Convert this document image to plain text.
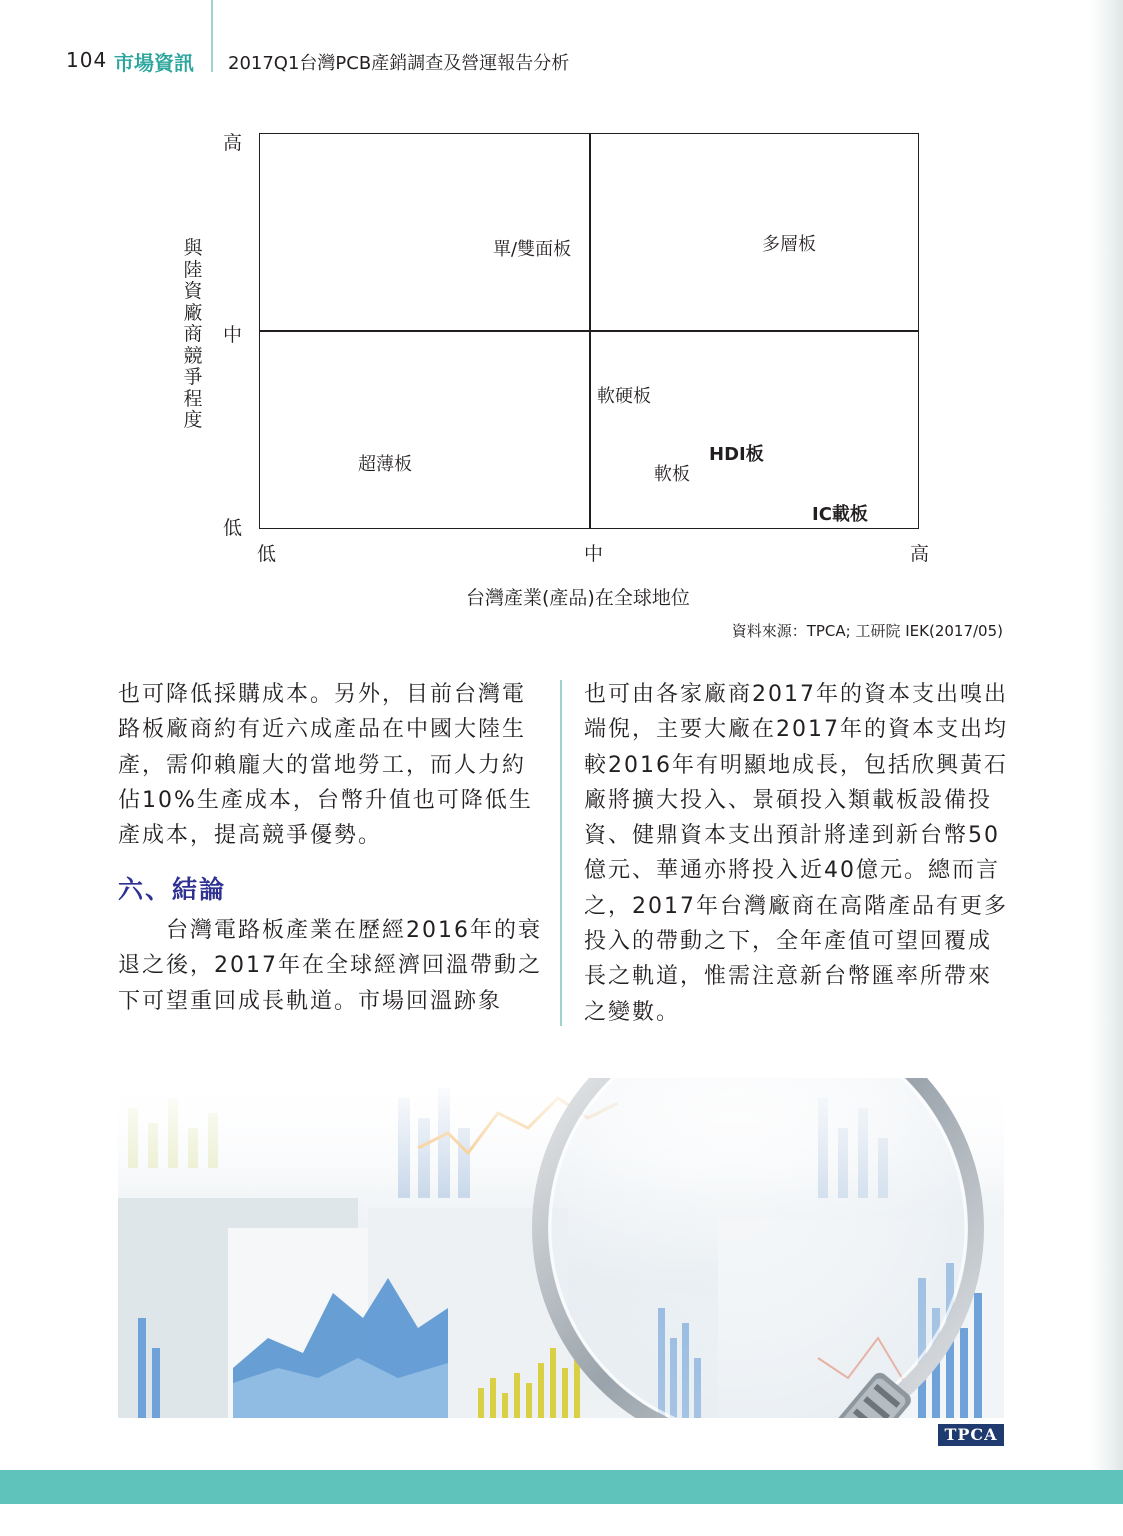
104 市場資訊 2017Q1台灣PCB產銷調查及營運報告分析
高
中
低
低	中	高
與陸資廠商競爭程度
台灣產業(產品)在全球地位
單/雙面板	多層板
軟硬板
超薄板	HDI板
軟板
IC載板
資料來源：TPCA; 工研院 IEK(2017/05)
也可降低採購成本。另外，目前台灣電路板廠商約有近六成產品在中國大陸生產，需仰賴龐大的當地勞工，而人力約佔10%生產成本，台幣升值也可降低生產成本，提高競爭優勢。
六、結論
　　台灣電路板產業在歷經2016年的衰退之後，2017年在全球經濟回溫帶動之下可望重回成長軌道。市場回溫跡象
也可由各家廠商2017年的資本支出嗅出端倪，主要大廠在2017年的資本支出均較2016年有明顯地成長，包括欣興黃石廠將擴大投入、景碩投入類載板設備投資、健鼎資本支出預計將達到新台幣50億元、華通亦將投入近40億元。總而言之，2017年台灣廠商在高階產品有更多投入的帶動之下，全年產值可望回覆成長之軌道，惟需注意新台幣匯率所帶來之變數。
TPCA
